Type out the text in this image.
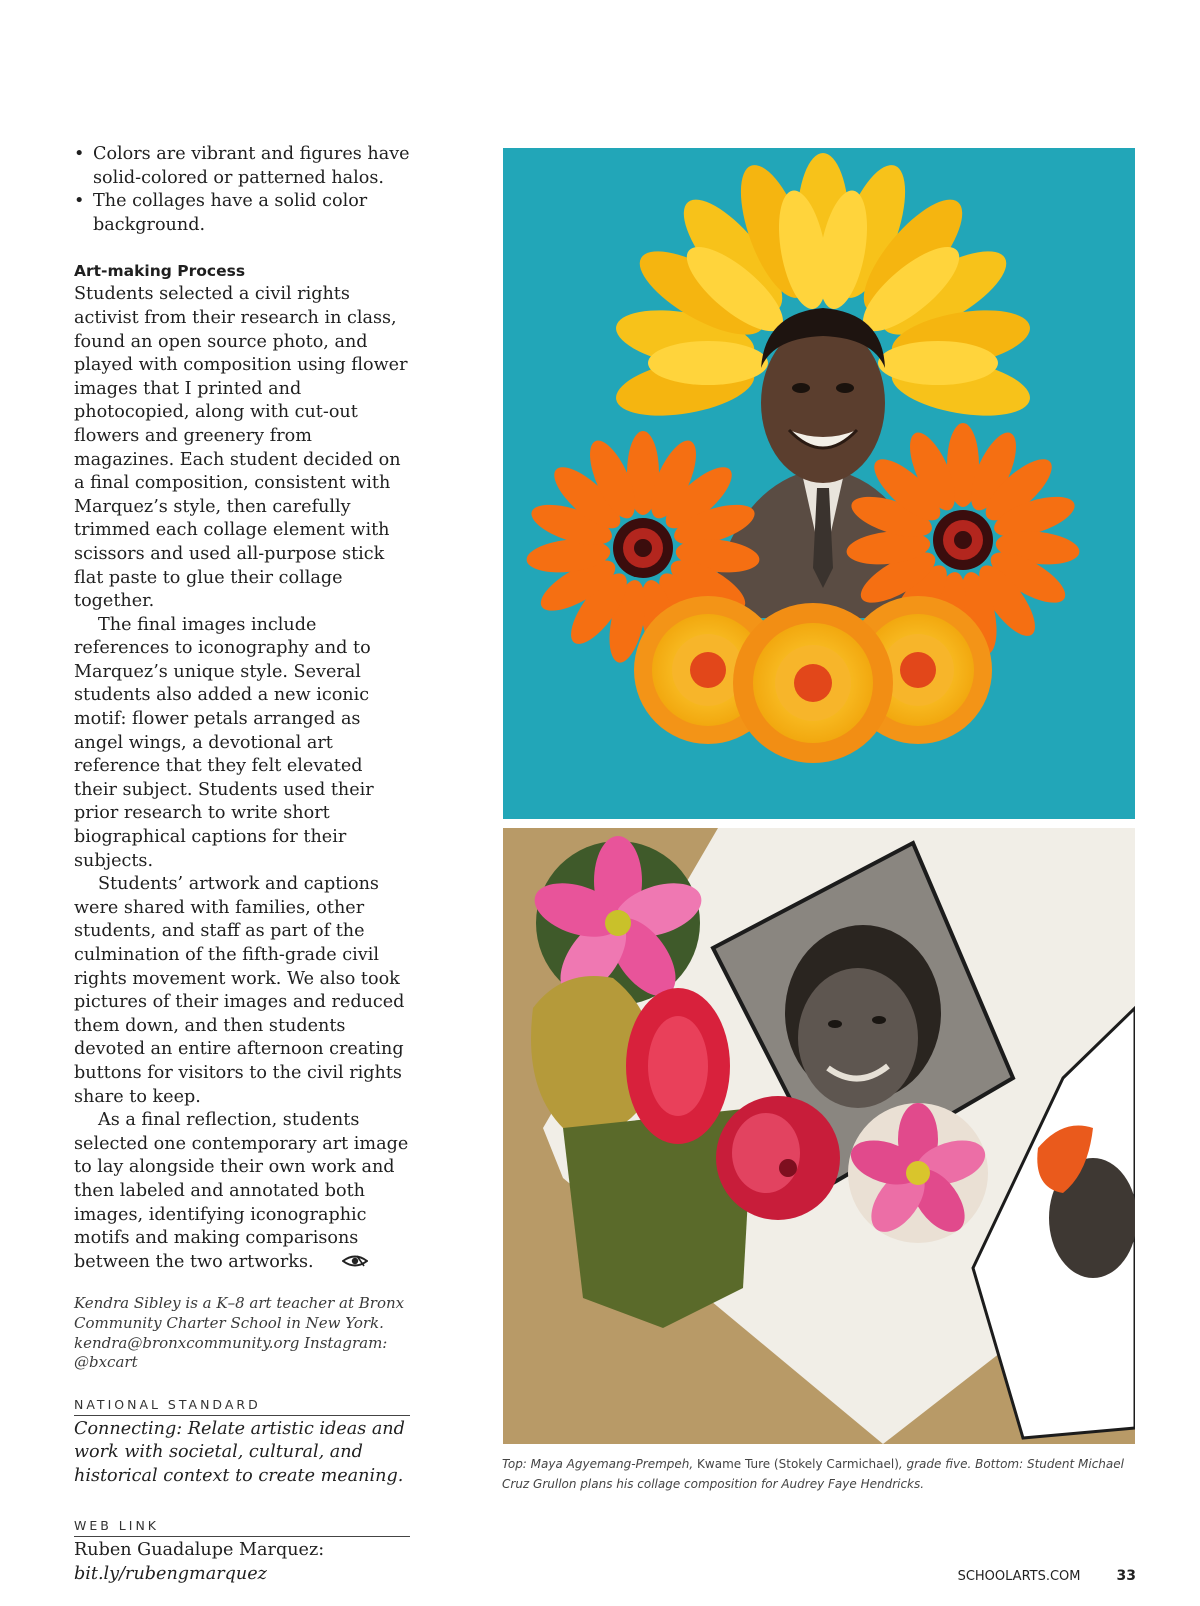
• Colors are vibrant and figures have solid-colored or patterned halos.
• The collages have a solid color background.
Art-making Process

Students selected a civil rights activist from their research in class, found an open source photo, and played with composition using flower images that I printed and photocopied, along with cut-out flowers and greenery from magazines. Each student decided on a final composition, consistent with Marquez’s style, then carefully trimmed each collage element with scissors and used all-purpose stick flat paste to glue their collage together.

The final images include references to iconography and to Marquez’s unique style. Several students also added a new iconic motif: flower petals arranged as angel wings, a devotional art reference that they felt elevated their subject. Students used their prior research to write short biographical captions for their subjects.

Students’ artwork and captions were shared with families, other students, and staff as part of the culmination of the fifth-grade civil rights movement work. We also took pictures of their images and reduced them down, and then students devoted an entire afternoon creating buttons for visitors to the civil rights share to keep.

As a final reflection, students selected one contemporary art image to lay alongside their own work and then labeled and annotated both images, identifying iconographic motifs and making comparisons between the two artworks.

Kendra Sibley is a K–8 art teacher at Bronx Community Charter School in New York. kendra@bronxcommunity.org Instagram: @bxcart
NATIONAL STANDARD

Connecting: Relate artistic ideas and work with societal, cultural, and historical context to create meaning.

WEB LINK

Ruben Guadalupe Marquez:
bit.ly/rubengmarquez

Top: Maya Agyemang-Prempeh, Kwame Ture (Stokely Carmichael), grade five. Bottom: Student Michael Cruz Grullon plans his collage composition for Audrey Faye Hendricks.
SCHOOLARTS.COM	33
